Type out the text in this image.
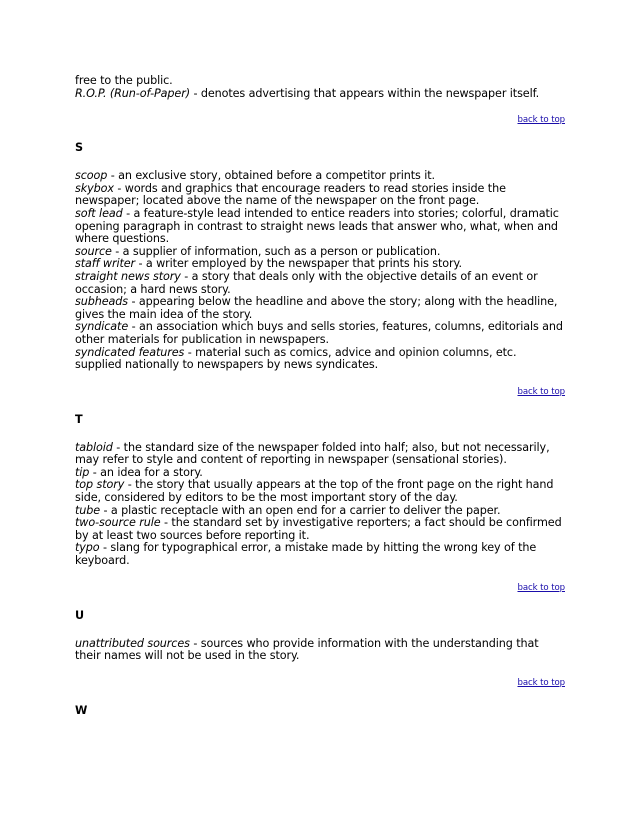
free to the public.

R.O.P. (Run-of-Paper) - denotes advertising that appears within the newspaper itself.

back to top
S

scoop - an exclusive story, obtained before a competitor prints it.

skybox - words and graphics that encourage readers to read stories inside the newspaper; located above the name of the newspaper on the front page.

soft lead - a feature-style lead intended to entice readers into stories; colorful, dramatic opening paragraph in contrast to straight news leads that answer who, what, when and where questions.

source - a supplier of information, such as a person or publication.

staff writer - a writer employed by the newspaper that prints his story.

straight news story - a story that deals only with the objective details of an event or occasion; a hard news story.

subheads - appearing below the headline and above the story; along with the headline, gives the main idea of the story.

syndicate - an association which buys and sells stories, features, columns, editorials and other materials for publication in newspapers.

syndicated features - material such as comics, advice and opinion columns, etc. supplied nationally to newspapers by news syndicates.

back to top
T

tabloid - the standard size of the newspaper folded into half; also, but not necessarily, may refer to style and content of reporting in newspaper (sensational stories).

tip - an idea for a story.

top story - the story that usually appears at the top of the front page on the right hand side, considered by editors to be the most important story of the day.

tube - a plastic receptacle with an open end for a carrier to deliver the paper.

two-source rule - the standard set by investigative reporters; a fact should be confirmed by at least two sources before reporting it.

typo - slang for typographical error, a mistake made by hitting the wrong key of the keyboard.

back to top
U

unattributed sources - sources who provide information with the understanding that their names will not be used in the story.

back to top
W
